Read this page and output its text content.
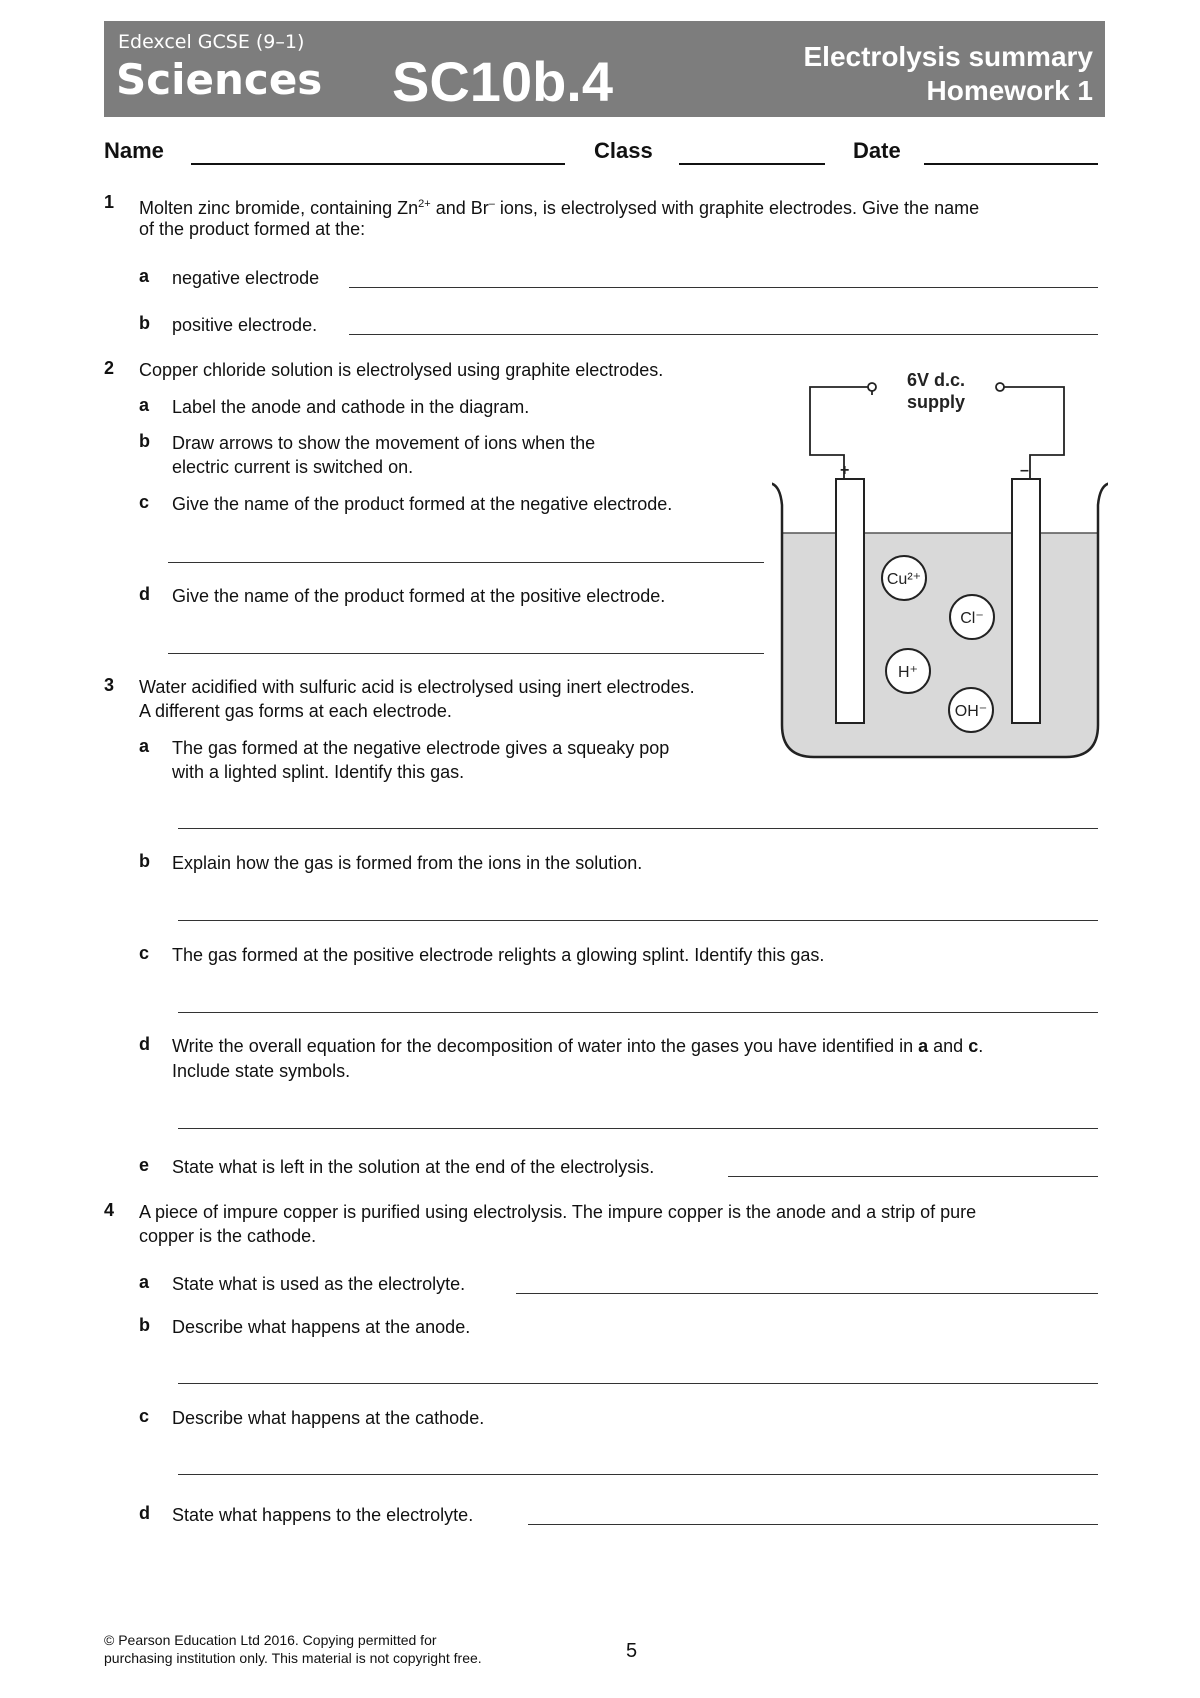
Edexcel GCSE (9–1)
Sciences SC10b.4	Electrolysis summary
Homework 1
Name	Class	Date
1 Molten zinc bromide, containing $Zn^{2+}$ and Br– ions, is electrolysed with graphite electrodes. Give the name
of the product formed at the:
a negative electrode
b positive electrode.
2 Copper chloride solution is electrolysed using graphite electrodes.
a Label the anode and cathode in the diagram.
b Draw arrows to show the movement of ions when the
electric current is switched on.
c Give the name of the product formed at the negative electrode.
d Give the name of the product formed at the positive electrode.
6V d.c.
supply
+	–
Cu²⁺
Cl⁻
H⁺
OH⁻
3 Water acidified with sulfuric acid is electrolysed using inert electrodes.
A different gas forms at each electrode.
a The gas formed at the negative electrode gives a squeaky pop
with a lighted splint. Identify this gas.
b Explain how the gas is formed from the ions in the solution.
c The gas formed at the positive electrode relights a glowing splint. Identify this gas.
d Write the overall equation for the decomposition of water into the gases you have identified in a and c.
Include state symbols.
e State what is left in the solution at the end of the electrolysis.
4 A piece of impure copper is purified using electrolysis. The impure copper is the anode and a strip of pure
copper is the cathode.
a State what is used as the electrolyte.
b Describe what happens at the anode.
c Describe what happens at the cathode.
d State what happens to the electrolyte.
© Pearson Education Ltd 2016. Copying permitted for
purchasing institution only. This material is not copyright free.	5
